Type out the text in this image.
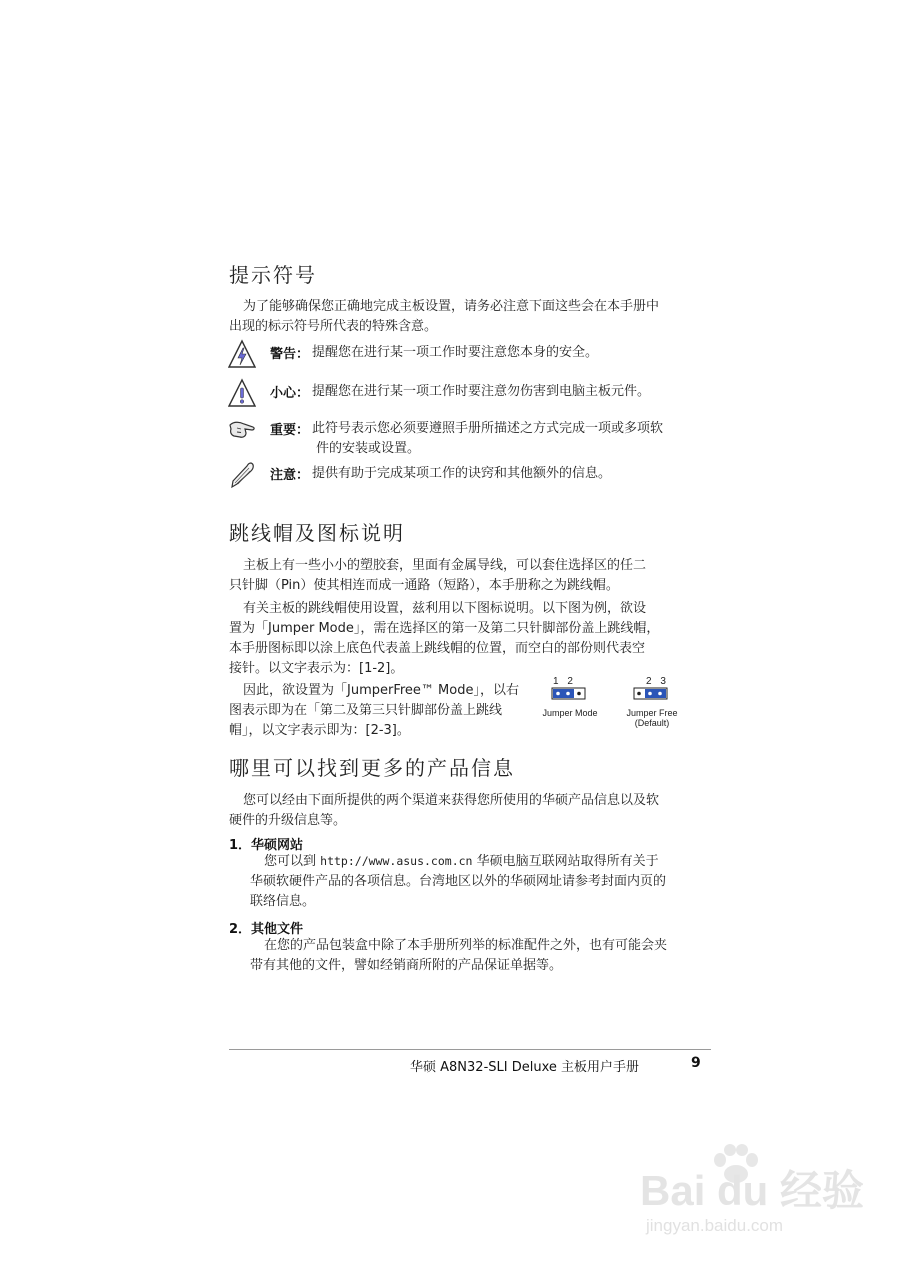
提示符号

为了能够确保您正确地完成主板设置，请务必注意下面这些会在本手册中

出现的标示符号所代表的特殊含意。

警告： 提醒您在进行某一项工作时要注意您本身的安全。
小心： 提醒您在进行某一项工作时要注意勿伤害到电脑主板元件。
重要： 此符号表示您必须要遵照手册所描述之方式完成一项或多项软
件的安装或设置。
注意： 提供有助于完成某项工作的诀窍和其他额外的信息。
跳线帽及图标说明

主板上有一些小小的塑胶套，里面有金属导线，可以套住选择区的任二

只针脚（Pin）使其相连而成一通路（短路），本手册称之为跳线帽。

有关主板的跳线帽使用设置，兹利用以下图标说明。以下图为例，欲设

置为「Jumper Mode」，需在选择区的第一及第二只针脚部份盖上跳线帽，

本手册图标即以涂上底色代表盖上跳线帽的位置，而空白的部份则代表空

接针。以文字表示为：[1-2]。

因此，欲设置为「JumperFree™ Mode」，以右

图表示即为在「第二及第三只针脚部份盖上跳线

帽」，以文字表示即为：[2-3]。

1 2
Jumper Mode
2 3
Jumper Free
(Default)
哪里可以找到更多的产品信息

您可以经由下面所提供的两个渠道来获得您所使用的华硕产品信息以及软

硬件的升级信息等。

1．华硕网站

您可以到 http://www.asus.com.cn 华硕电脑互联网站取得所有关于

华硕软硬件产品的各项信息。台湾地区以外的华硕网址请参考封面内页的

联络信息。

2．其他文件

在您的产品包装盒中除了本手册所列举的标准配件之外，也有可能会夹

带有其他的文件，譬如经销商所附的产品保证单据等。

华硕 A8N32-SLI Deluxe 主板用户手册	9
Bai du 经验
jingyan.baidu.com
